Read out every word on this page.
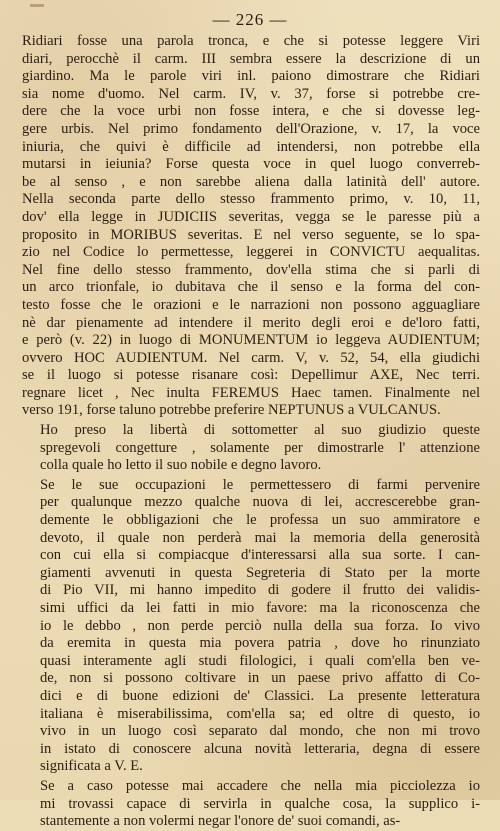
— 226 —

Ridiari fosse una parola tronca, e che si potesse leggere Viri
diari, perocchè il carm. III sembra essere la descrizione di un
giardino. Ma le parole viri inl. paiono dimostrare che Ridiari
sia nome d'uomo. Nel carm. IV, v. 37, forse si potrebbe cre-
dere che la voce urbi non fosse intera, e che si dovesse leg-
gere urbis. Nel primo fondamento dell'Orazione, v. 17, la voce
iniuria, che quivi è difficile ad intendersi, non potrebbe ella
mutarsi in ieiunia? Forse questa voce in quel luogo converreb-
be al senso , e non sarebbe aliena dalla latinità dell' autore.
Nella seconda parte dello stesso frammento primo, v. 10, 11,
dov' ella legge in JUDICIIS severitas, vegga se le paresse più a
proposito in MORIBUS severitas. E nel verso seguente, se lo spa-
zio nel Codice lo permettesse, leggerei in CONVICTU aequalitas.
Nel fine dello stesso frammento, dov'ella stima che si parli di
un arco trionfale, io dubitava che il senso e la forma del con-
testo fosse che le orazioni e le narrazioni non possono agguagliare
nè dar pienamente ad intendere il merito degli eroi e de'loro fatti,
e però (v. 22) in luogo di MONUMENTUM io leggeva AUDIENTUM;
ovvero HOC AUDIENTUM. Nel carm. V, v. 52, 54, ella giudichi
se il luogo si potesse risanare così: Depellimur AXE, Nec terri.
regnare licet , Nec inulta FEREMUS Haec tamen. Finalmente nel
verso 191, forse taluno potrebbe preferire NEPTUNUS a VULCANUS.

Ho preso la libertà di sottometter al suo giudizio queste
spregevoli congetture , solamente per dimostrarle l' attenzione
colla quale ho letto il suo nobile e degno lavoro.

Se le sue occupazioni le permettessero di farmi pervenire
per qualunque mezzo qualche nuova di lei, accrescerebbe gran-
demente le obbligazioni che le professa un suo ammiratore e
devoto, il quale non perderà mai la memoria della generosità
con cui ella si compiacque d'interessarsi alla sua sorte. I can-
giamenti avvenuti in questa Segreteria di Stato per la morte
di Pio VII, mi hanno impedito di godere il frutto dei validis-
simi uffici da lei fatti in mio favore: ma la riconoscenza che
io le debbo , non perde perciò nulla della sua forza. Io vivo
da eremita in questa mia povera patria , dove ho rinunziato
quasi interamente agli studi filologici, i quali com'ella ben ve-
de, non si possono coltivare in un paese privo affatto di Co-
dici e di buone edizioni de' Classici. La presente letteratura
italiana è miserabilissima, com'ella sa; ed oltre di questo, io
vivo in un luogo così separato dal mondo, che non mi trovo
in istato di conoscere alcuna novità letteraria, degna di essere
significata a V. E.

Se a caso potesse mai accadere che nella mia picciolezza io
mi trovassi capace di servirla in qualche cosa, la supplico i-
stantemente a non volermi negar l'onore de' suoi comandi, as-
